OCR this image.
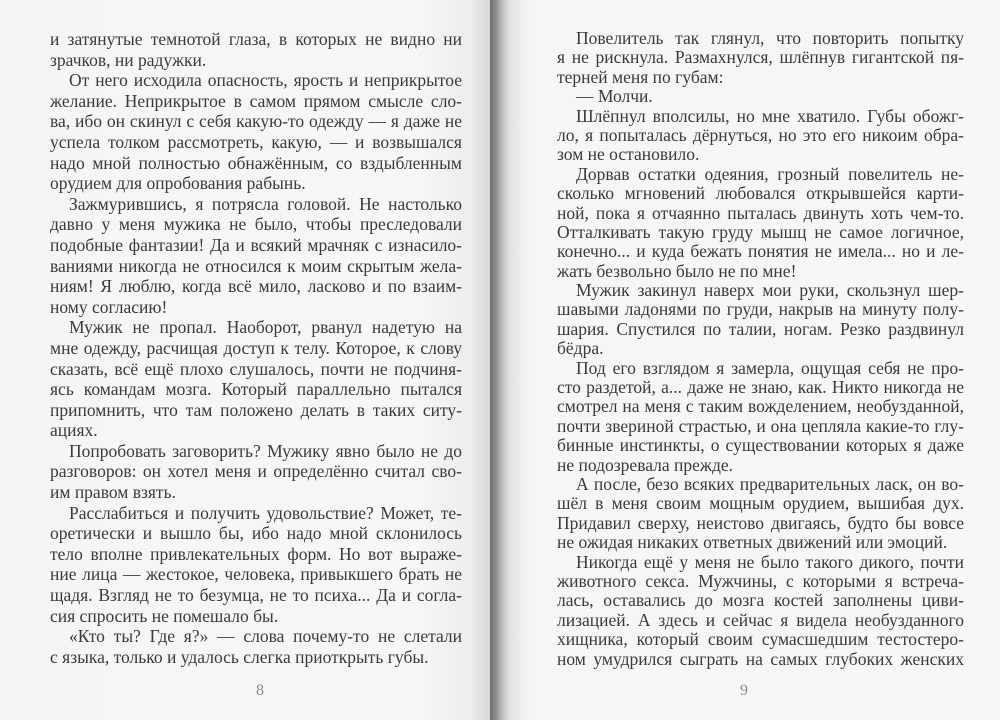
и затянутые темнотой глаза, в которых не видно ни
зрачков, ни радужки.
От него исходила опасность, ярость и неприкрытое
желание. Неприкрытое в самом прямом смысле сло-
ва, ибо он скинул с себя какую-то одежду — я даже не
успела толком рассмотреть, какую, — и возвышался
надо мной полностью обнажённым, со вздыбленным
орудием для опробования рабынь.
Зажмурившись, я потрясла головой. Не настолько
давно у меня мужика не было, чтобы преследовали
подобные фантазии! Да и всякий мрачняк с изнасило-
ваниями никогда не относился к моим скрытым жела-
ниям! Я люблю, когда всё мило, ласково и по взаим-
ному согласию!
Мужик не пропал. Наоборот, рванул надетую на
мне одежду, расчищая доступ к телу. Которое, к слову
сказать, всё ещё плохо слушалось, почти не подчиня-
ясь командам мозга. Который параллельно пытался
припомнить, что там положено делать в таких ситу-
ациях.
Попробовать заговорить? Мужику явно было не до
разговоров: он хотел меня и определённо считал сво-
им правом взять.
Расслабиться и получить удовольствие? Может, те-
оретически и вышло бы, ибо надо мной склонилось
тело вполне привлекательных форм. Но вот выраже-
ние лица — жестокое, человека, привыкшего брать не
щадя. Взгляд не то безумца, не то психа... Да и согла-
сия спросить не помешало бы.
«Кто ты? Где я?» — слова почему-то не слетали
с языка, только и удалось слегка приоткрыть губы.
8
Повелитель так глянул, что повторить попытку
я не рискнула. Размахнулся, шлёпнув гигантской пя-
терней меня по губам:
— Молчи.
Шлёпнул вполсилы, но мне хватило. Губы обожг-
ло, я попыталась дёрнуться, но это его никоим обра-
зом не остановило.
Дорвав остатки одеяния, грозный повелитель не-
сколько мгновений любовался открывшейся карти-
ной, пока я отчаянно пыталась двинуть хоть чем-то.
Отталкивать такую груду мышц не самое логичное,
конечно... и куда бежать понятия не имела... но и ле-
жать безвольно было не по мне!
Мужик закинул наверх мои руки, скользнул шер-
шавыми ладонями по груди, накрыв на минуту полу-
шария. Спустился по талии, ногам. Резко раздвинул
бёдра.
Под его взглядом я замерла, ощущая себя не про-
сто раздетой, а... даже не знаю, как. Никто никогда не
смотрел на меня с таким вожделением, необузданной,
почти звериной страстью, и она цепляла какие-то глу-
бинные инстинкты, о существовании которых я даже
не подозревала прежде.
А после, безо всяких предварительных ласк, он во-
шёл в меня своим мощным орудием, вышибая дух.
Придавил сверху, неистово двигаясь, будто бы вовсе
не ожидая никаких ответных движений или эмоций.
Никогда ещё у меня не было такого дикого, почти
животного секса. Мужчины, с которыми я встреча-
лась, оставались до мозга костей заполнены циви-
лизацией. А здесь и сейчас я видела необузданного
хищника, который своим сумасшедшим тестостеро-
ном умудрился сыграть на самых глубоких женских
9
